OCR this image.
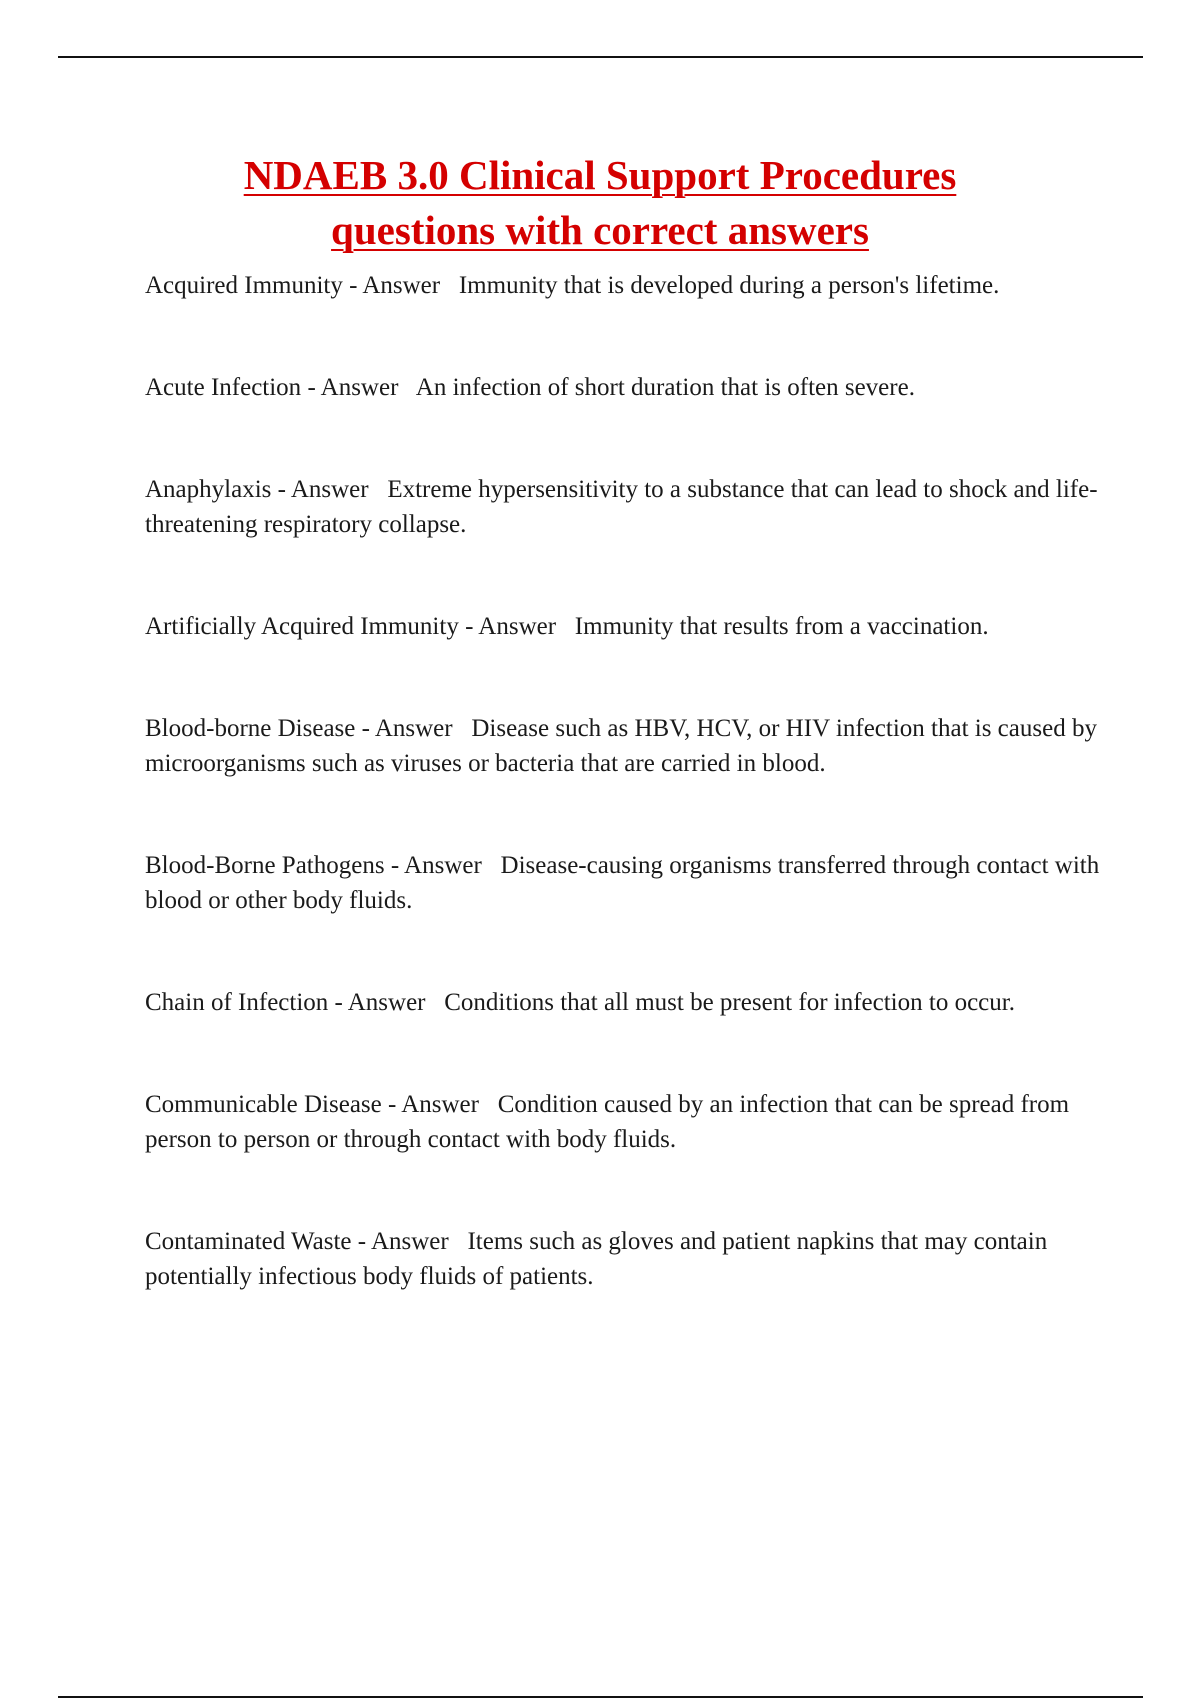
NDAEB 3.0 Clinical Support Procedures
questions with correct answers

Acquired Immunity - Answer Immunity that is developed during a person's lifetime.

Acute Infection - Answer An infection of short duration that is often severe.

Anaphylaxis - Answer Extreme hypersensitivity to a substance that can lead to shock and life-threatening respiratory collapse.

Artificially Acquired Immunity - Answer Immunity that results from a vaccination.

Blood-borne Disease - Answer Disease such as HBV, HCV, or HIV infection that is caused by microorganisms such as viruses or bacteria that are carried in blood.

Blood-Borne Pathogens - Answer Disease-causing organisms transferred through contact with blood or other body fluids.

Chain of Infection - Answer Conditions that all must be present for infection to occur.

Communicable Disease - Answer Condition caused by an infection that can be spread from person to person or through contact with body fluids.

Contaminated Waste - Answer Items such as gloves and patient napkins that may contain potentially infectious body fluids of patients.
